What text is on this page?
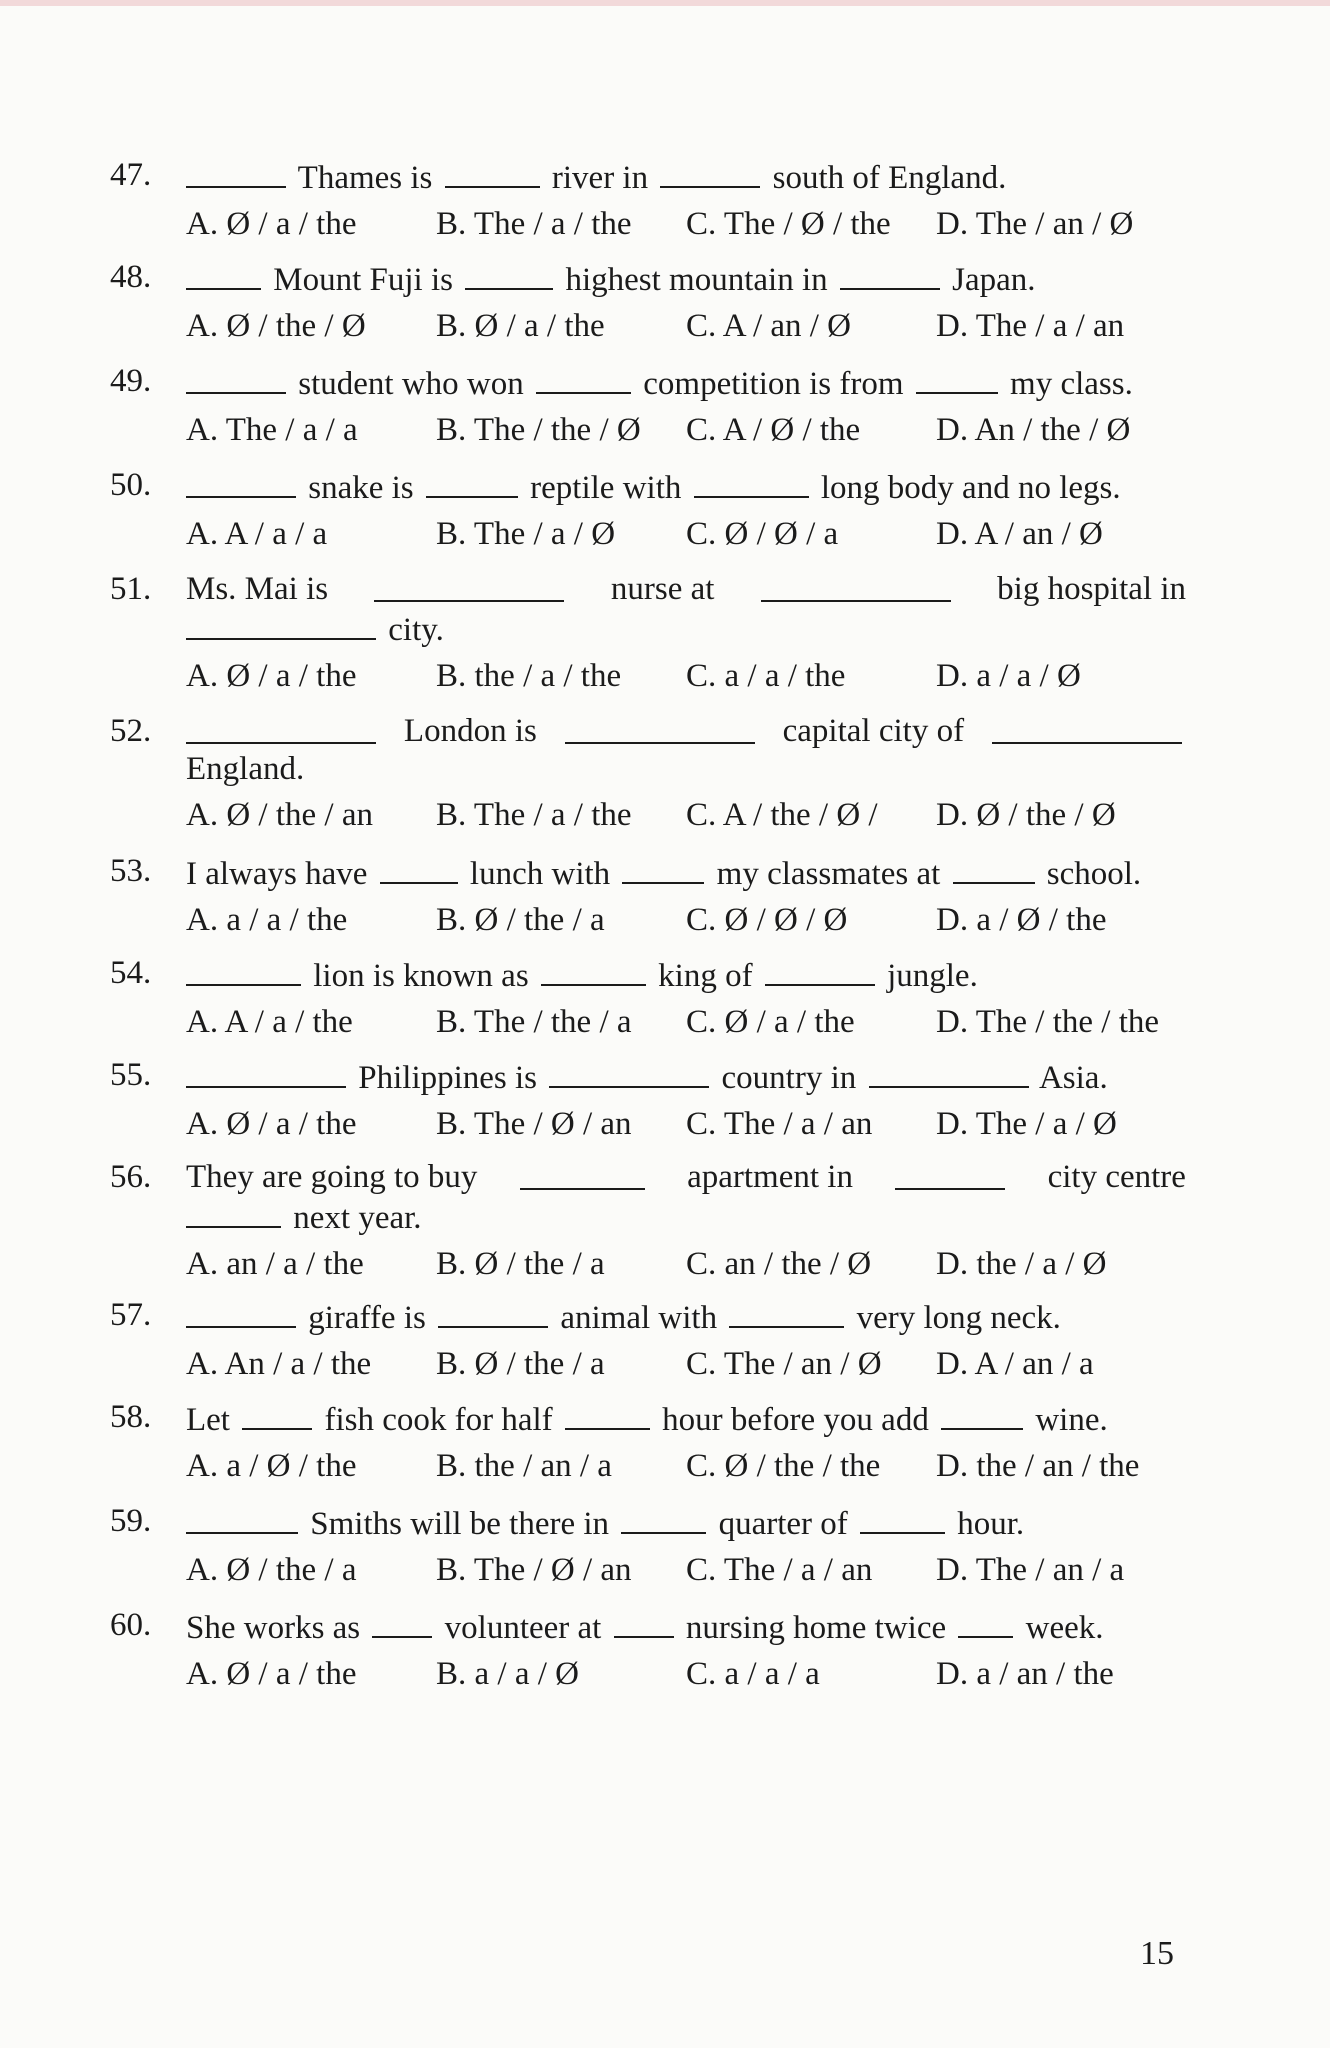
47.	Thames is	river in	south of England.
A. Ø / a / the	B. The / a / the	C. The / Ø / the	D. The / an / Ø
48.	Mount Fuji is	highest mountain in	Japan.
A. Ø / the / Ø	B. Ø / a / the	C. A / an / Ø	D. The / a / an
49.	student who won	competition is from	my class.
A. The / a / a	B. The / the / Ø	C. A / Ø / the	D. An / the / Ø
50.	snake is	reptile with	long body and no legs.
A. A / a / a	B. The / a / Ø	C. Ø / Ø / a	D. A / an / Ø
51.	Ms. Mai is	nurse at	big hospital in
city.
A. Ø / a / the	B. the / a / the	C. a / a / the	D. a / a / Ø
52.	London is	capital city of
England.
A. Ø / the / an	B. The / a / the	C. A / the / Ø /	D. Ø / the / Ø
53.	I always have	lunch with	my classmates at	school.
A. a / a / the	B. Ø / the / a	C. Ø / Ø / Ø	D. a / Ø / the
54.	lion is known as	king of	jungle.
A. A / a / the	B. The / the / a	C. Ø / a / the	D. The / the / the
55.	Philippines is	country in	Asia.
A. Ø / a / the	B. The / Ø / an	C. The / a / an	D. The / a / Ø
56.	They are going to buy	apartment in	city centre
next year.
A. an / a / the	B. Ø / the / a	C. an / the / Ø	D. the / a / Ø
57.	giraffe is	animal with	very long neck.
A. An / a / the	B. Ø / the / a	C. The / an / Ø	D. A / an / a
58.	Let	fish cook for half	hour before you add	wine.
A. a / Ø / the	B. the / an / a	C. Ø / the / the	D. the / an / the
59.	Smiths will be there in	quarter of	hour.
A. Ø / the / a	B. The / Ø / an	C. The / a / an	D. The / an / a
60.	She works as	volunteer at	nursing home twice week.
A. Ø / a / the	B. a / a / Ø	C. a / a / a	D. a / an / the
15
